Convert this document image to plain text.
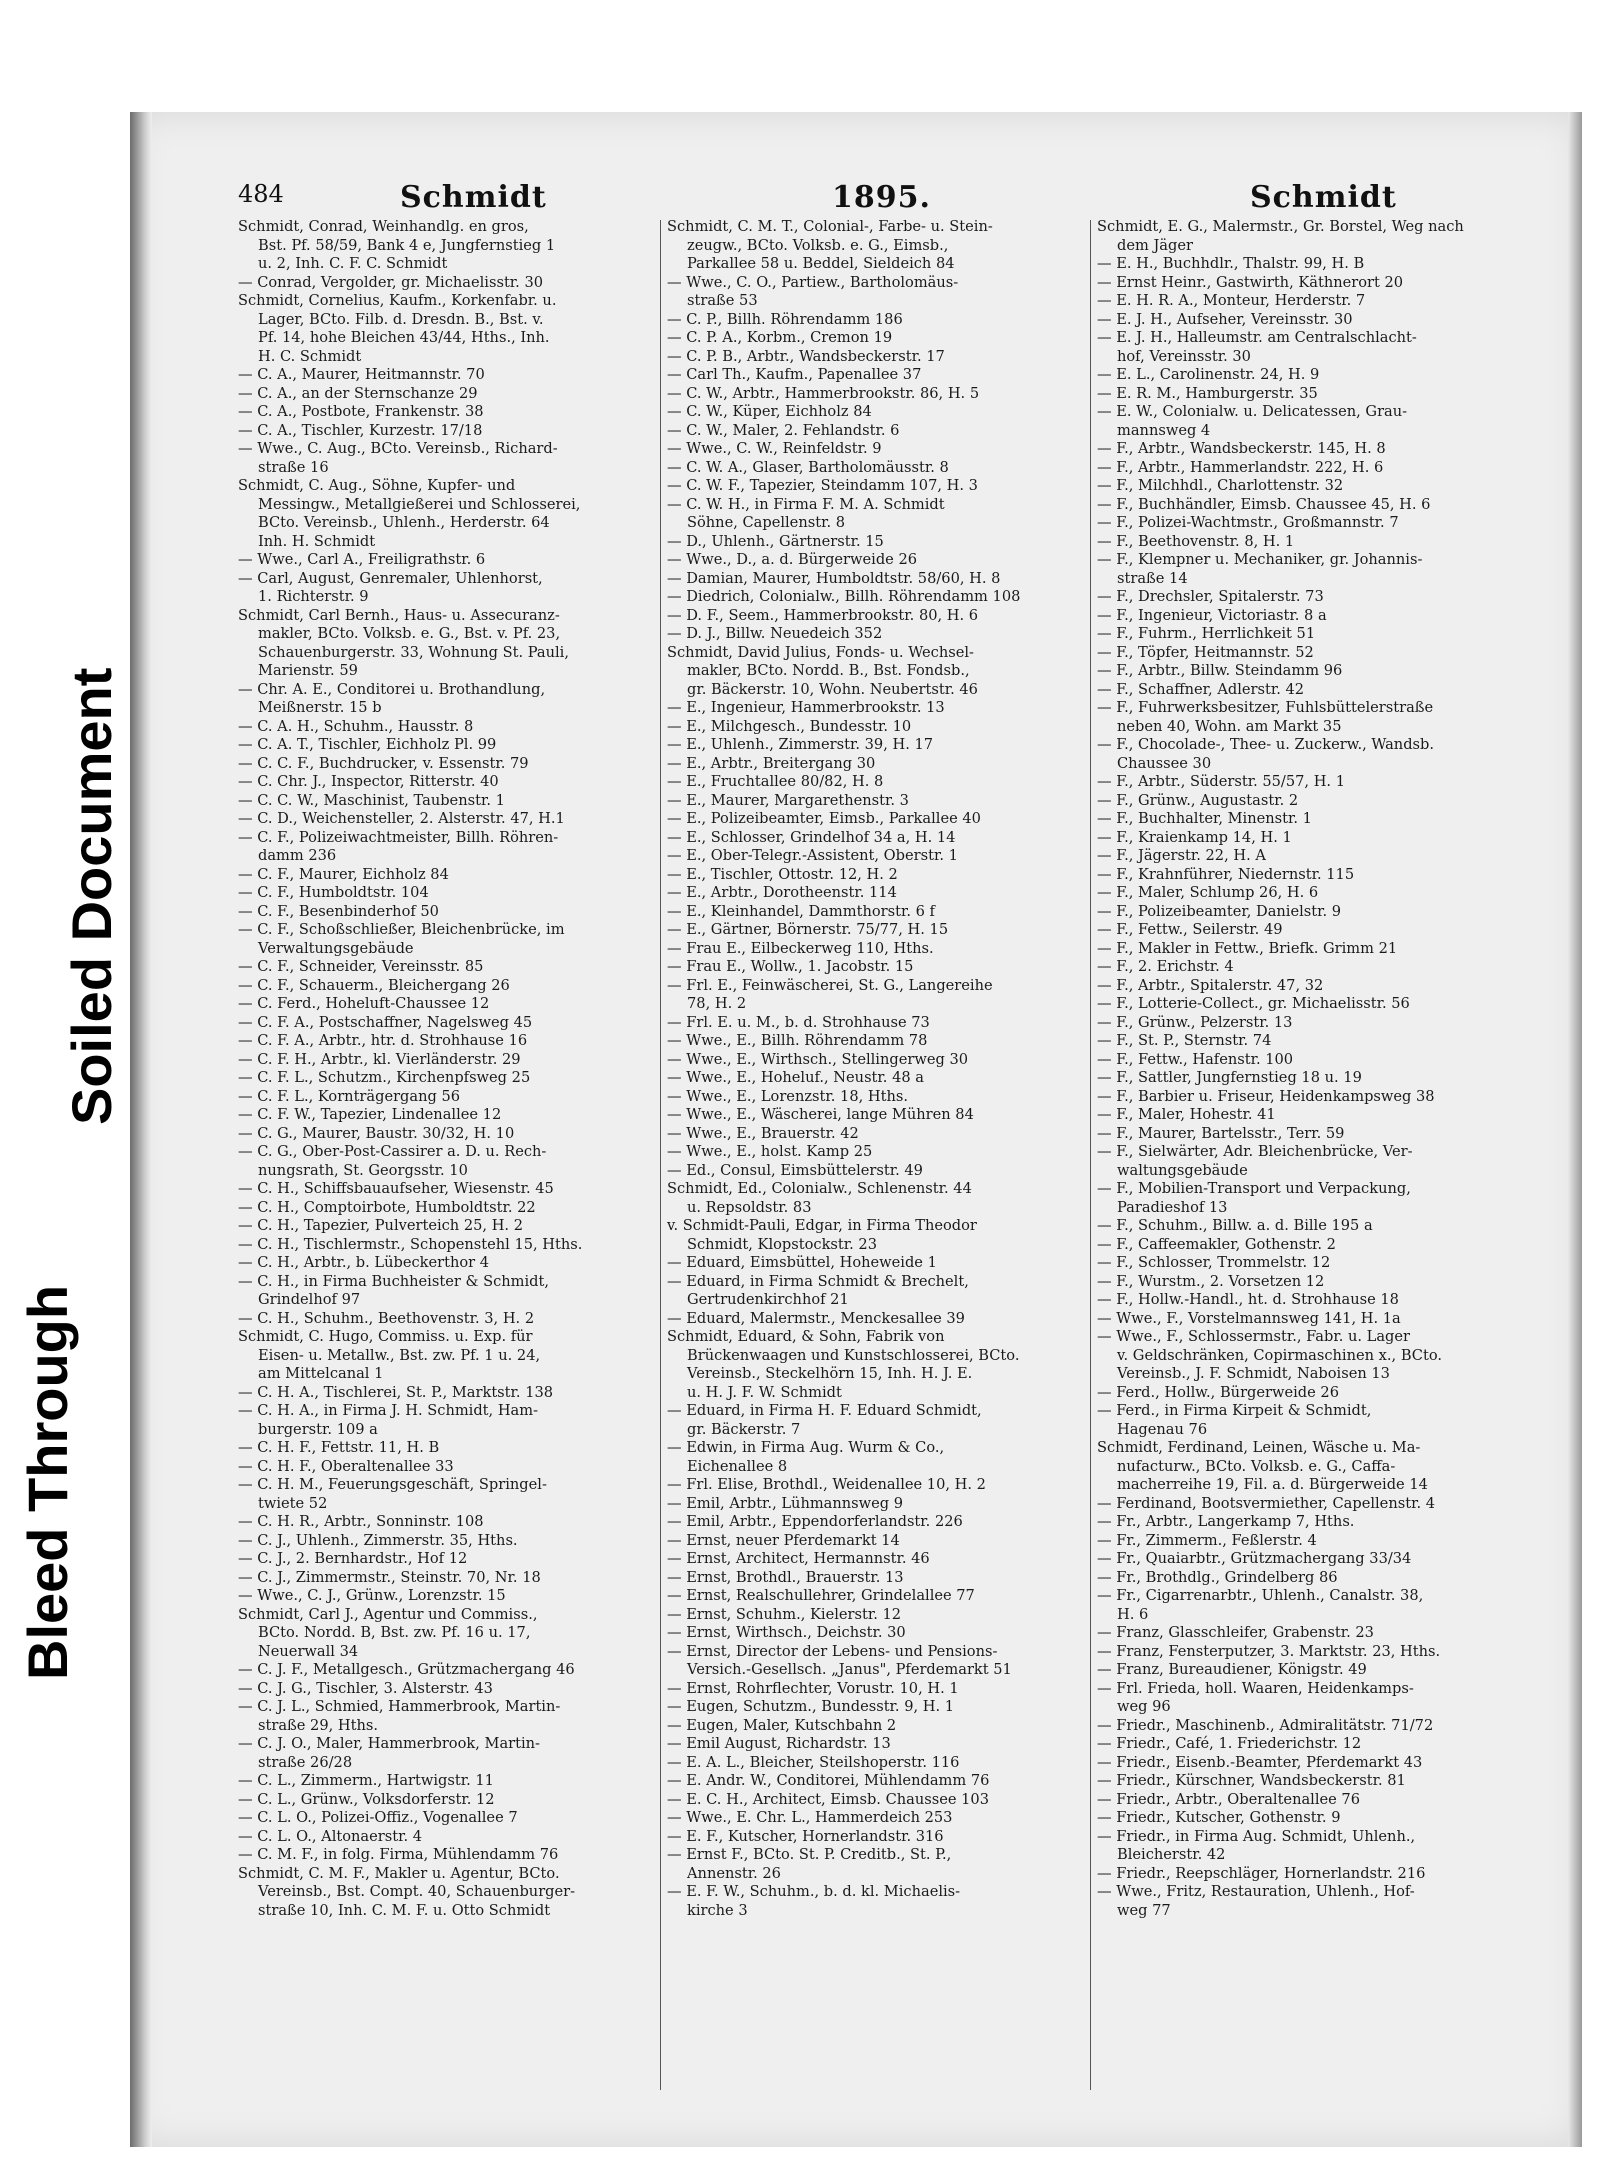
Bleed Through
Soiled Document
484	Schmidt	1895.	Schmidt
Schmidt, Conrad, Weinhandlg. en gros,
Bst. Pf. 58/59, Bank 4 e, Jungfernstieg 1
u. 2, Inh. C. F. C. Schmidt
— Conrad, Vergolder, gr. Michaelisstr. 30
Schmidt, Cornelius, Kaufm., Korkenfabr. u.
Lager, BCto. Filb. d. Dresdn. B., Bst. v.
Pf. 14, hohe Bleichen 43/44, Hths., Inh.
H. C. Schmidt
— C. A., Maurer, Heitmannstr. 70
— C. A., an der Sternschanze 29
— C. A., Postbote, Frankenstr. 38
— C. A., Tischler, Kurzestr. 17/18
— Wwe., C. Aug., BCto. Vereinsb., Richard-
straße 16
Schmidt, C. Aug., Söhne, Kupfer- und
Messingw., Metallgießerei und Schlosserei,
BCto. Vereinsb., Uhlenh., Herderstr. 64
Inh. H. Schmidt
— Wwe., Carl A., Freiligrathstr. 6
— Carl, August, Genremaler, Uhlenhorst,
1. Richterstr. 9
Schmidt, Carl Bernh., Haus- u. Assecuranz-
makler, BCto. Volksb. e. G., Bst. v. Pf. 23,
Schauenburgerstr. 33, Wohnung St. Pauli,
Marienstr. 59
— Chr. A. E., Conditorei u. Brothandlung,
Meißnerstr. 15 b
— C. A. H., Schuhm., Hausstr. 8
— C. A. T., Tischler, Eichholz Pl. 99
— C. C. F., Buchdrucker, v. Essenstr. 79
— C. Chr. J., Inspector, Ritterstr. 40
— C. C. W., Maschinist, Taubenstr. 1
— C. D., Weichensteller, 2. Alsterstr. 47, H.1
— C. F., Polizeiwachtmeister, Billh. Röhren-
damm 236
— C. F., Maurer, Eichholz 84
— C. F., Humboldtstr. 104
— C. F., Besenbinderhof 50
— C. F., Schoßschließer, Bleichenbrücke, im
Verwaltungsgebäude
— C. F., Schneider, Vereinsstr. 85
— C. F., Schauerm., Bleichergang 26
— C. Ferd., Hoheluft-Chaussee 12
— C. F. A., Postschaffner, Nagelsweg 45
— C. F. A., Arbtr., htr. d. Strohhause 16
— C. F. H., Arbtr., kl. Vierländerstr. 29
— C. F. L., Schutzm., Kirchenpfsweg 25
— C. F. L., Kornträgergang 56
— C. F. W., Tapezier, Lindenallee 12
— C. G., Maurer, Baustr. 30/32, H. 10
— C. G., Ober-Post-Cassirer a. D. u. Rech-
nungsrath, St. Georgsstr. 10
— C. H., Schiffsbauaufseher, Wiesenstr. 45
— C. H., Comptoirbote, Humboldtstr. 22
— C. H., Tapezier, Pulverteich 25, H. 2
— C. H., Tischlermstr., Schopenstehl 15, Hths.
— C. H., Arbtr., b. Lübeckerthor 4
— C. H., in Firma Buchheister & Schmidt,
Grindelhof 97
— C. H., Schuhm., Beethovenstr. 3, H. 2
Schmidt, C. Hugo, Commiss. u. Exp. für
Eisen- u. Metallw., Bst. zw. Pf. 1 u. 24,
am Mittelcanal 1
— C. H. A., Tischlerei, St. P., Marktstr. 138
— C. H. A., in Firma J. H. Schmidt, Ham-
burgerstr. 109 a
— C. H. F., Fettstr. 11, H. B
— C. H. F., Oberaltenallee 33
— C. H. M., Feuerungsgeschäft, Springel-
twiete 52
— C. H. R., Arbtr., Sonninstr. 108
— C. J., Uhlenh., Zimmerstr. 35, Hths.
— C. J., 2. Bernhardstr., Hof 12
— C. J., Zimmermstr., Steinstr. 70, Nr. 18
— Wwe., C. J., Grünw., Lorenzstr. 15
Schmidt, Carl J., Agentur und Commiss.,
BCto. Nordd. B, Bst. zw. Pf. 16 u. 17,
Neuerwall 34
— C. J. F., Metallgesch., Grützmachergang 46
— C. J. G., Tischler, 3. Alsterstr. 43
— C. J. L., Schmied, Hammerbrook, Martin-
straße 29, Hths.
— C. J. O., Maler, Hammerbrook, Martin-
straße 26/28
— C. L., Zimmerm., Hartwigstr. 11
— C. L., Grünw., Volksdorferstr. 12
— C. L. O., Polizei-Offiz., Vogenallee 7
— C. L. O., Altonaerstr. 4
— C. M. F., in folg. Firma, Mühlendamm 76
Schmidt, C. M. F., Makler u. Agentur, BCto.
Vereinsb., Bst. Compt. 40, Schauenburger-
straße 10, Inh. C. M. F. u. Otto Schmidt
Schmidt, C. M. T., Colonial-, Farbe- u. Stein-
zeugw., BCto. Volksb. e. G., Eimsb.,
Parkallee 58 u. Beddel, Sieldeich 84
— Wwe., C. O., Partiew., Bartholomäus-
straße 53
— C. P., Billh. Röhrendamm 186
— C. P. A., Korbm., Cremon 19
— C. P. B., Arbtr., Wandsbeckerstr. 17
— Carl Th., Kaufm., Papenallee 37
— C. W., Arbtr., Hammerbrookstr. 86, H. 5
— C. W., Küper, Eichholz 84
— C. W., Maler, 2. Fehlandstr. 6
— Wwe., C. W., Reinfeldstr. 9
— C. W. A., Glaser, Bartholomäusstr. 8
— C. W. F., Tapezier, Steindamm 107, H. 3
— C. W. H., in Firma F. M. A. Schmidt
Söhne, Capellenstr. 8
— D., Uhlenh., Gärtnerstr. 15
— Wwe., D., a. d. Bürgerweide 26
— Damian, Maurer, Humboldtstr. 58/60, H. 8
— Diedrich, Colonialw., Billh. Röhrendamm 108
— D. F., Seem., Hammerbrookstr. 80, H. 6
— D. J., Billw. Neuedeich 352
Schmidt, David Julius, Fonds- u. Wechsel-
makler, BCto. Nordd. B., Bst. Fondsb.,
gr. Bäckerstr. 10, Wohn. Neubertstr. 46
— E., Ingenieur, Hammerbrookstr. 13
— E., Milchgesch., Bundesstr. 10
— E., Uhlenh., Zimmerstr. 39, H. 17
— E., Arbtr., Breitergang 30
— E., Fruchtallee 80/82, H. 8
— E., Maurer, Margarethenstr. 3
— E., Polizeibeamter, Eimsb., Parkallee 40
— E., Schlosser, Grindelhof 34 a, H. 14
— E., Ober-Telegr.-Assistent, Oberstr. 1
— E., Tischler, Ottostr. 12, H. 2
— E., Arbtr., Dorotheenstr. 114
— E., Kleinhandel, Dammthorstr. 6 f
— E., Gärtner, Börnerstr. 75/77, H. 15
— Frau E., Eilbeckerweg 110, Hths.
— Frau E., Wollw., 1. Jacobstr. 15
— Frl. E., Feinwäscherei, St. G., Langereihe
78, H. 2
— Frl. E. u. M., b. d. Strohhause 73
— Wwe., E., Billh. Röhrendamm 78
— Wwe., E., Wirthsch., Stellingerweg 30
— Wwe., E., Hoheluf., Neustr. 48 a
— Wwe., E., Lorenzstr. 18, Hths.
— Wwe., E., Wäscherei, lange Mühren 84
— Wwe., E., Brauerstr. 42
— Wwe., E., holst. Kamp 25
— Ed., Consul, Eimsbüttelerstr. 49
Schmidt, Ed., Colonialw., Schlenenstr. 44
u. Repsoldstr. 83
v. Schmidt-Pauli, Edgar, in Firma Theodor
Schmidt, Klopstockstr. 23
— Eduard, Eimsbüttel, Hoheweide 1
— Eduard, in Firma Schmidt & Brechelt,
Gertrudenkirchhof 21
— Eduard, Malermstr., Menckesallee 39
Schmidt, Eduard, & Sohn, Fabrik von
Brückenwaagen und Kunstschlosserei, BCto.
Vereinsb., Steckelhörn 15, Inh. H. J. E.
u. H. J. F. W. Schmidt
— Eduard, in Firma H. F. Eduard Schmidt,
gr. Bäckerstr. 7
— Edwin, in Firma Aug. Wurm & Co.,
Eichenallee 8
— Frl. Elise, Brothdl., Weidenallee 10, H. 2
— Emil, Arbtr., Lühmannsweg 9
— Emil, Arbtr., Eppendorferlandstr. 226
— Ernst, neuer Pferdemarkt 14
— Ernst, Architect, Hermannstr. 46
— Ernst, Brothdl., Brauerstr. 13
— Ernst, Realschullehrer, Grindelallee 77
— Ernst, Schuhm., Kielerstr. 12
— Ernst, Wirthsch., Deichstr. 30
— Ernst, Director der Lebens- und Pensions-
Versich.-Gesellsch. „Janus", Pferdemarkt 51
— Ernst, Rohrflechter, Vorustr. 10, H. 1
— Eugen, Schutzm., Bundesstr. 9, H. 1
— Eugen, Maler, Kutschbahn 2
— Emil August, Richardstr. 13
— E. A. L., Bleicher, Steilshoperstr. 116
— E. Andr. W., Conditorei, Mühlendamm 76
— E. C. H., Architect, Eimsb. Chaussee 103
— Wwe., E. Chr. L., Hammerdeich 253
— E. F., Kutscher, Hornerlandstr. 316
— Ernst F., BCto. St. P. Creditb., St. P.,
Annenstr. 26
— E. F. W., Schuhm., b. d. kl. Michaelis-
kirche 3
Schmidt, E. G., Malermstr., Gr. Borstel, Weg nach
dem Jäger
— E. H., Buchhdlr., Thalstr. 99, H. B
— Ernst Heinr., Gastwirth, Käthnerort 20
— E. H. R. A., Monteur, Herderstr. 7
— E. J. H., Aufseher, Vereinsstr. 30
— E. J. H., Halleumstr. am Centralschlacht-
hof, Vereinsstr. 30
— E. L., Carolinenstr. 24, H. 9
— E. R. M., Hamburgerstr. 35
— E. W., Colonialw. u. Delicatessen, Grau-
mannsweg 4
— F., Arbtr., Wandsbeckerstr. 145, H. 8
— F., Arbtr., Hammerlandstr. 222, H. 6
— F., Milchhdl., Charlottenstr. 32
— F., Buchhändler, Eimsb. Chaussee 45, H. 6
— F., Polizei-Wachtmstr., Großmannstr. 7
— F., Beethovenstr. 8, H. 1
— F., Klempner u. Mechaniker, gr. Johannis-
straße 14
— F., Drechsler, Spitalerstr. 73
— F., Ingenieur, Victoriastr. 8 a
— F., Fuhrm., Herrlichkeit 51
— F., Töpfer, Heitmannstr. 52
— F., Arbtr., Billw. Steindamm 96
— F., Schaffner, Adlerstr. 42
— F., Fuhrwerksbesitzer, Fuhlsbüttelerstraße
neben 40, Wohn. am Markt 35
— F., Chocolade-, Thee- u. Zuckerw., Wandsb.
Chaussee 30
— F., Arbtr., Süderstr. 55/57, H. 1
— F., Grünw., Augustastr. 2
— F., Buchhalter, Minenstr. 1
— F., Kraienkamp 14, H. 1
— F., Jägerstr. 22, H. A
— F., Krahnführer, Niedernstr. 115
— F., Maler, Schlump 26, H. 6
— F., Polizeibeamter, Danielstr. 9
— F., Fettw., Seilerstr. 49
— F., Makler in Fettw., Briefk. Grimm 21
— F., 2. Erichstr. 4
— F., Arbtr., Spitalerstr. 47, 32
— F., Lotterie-Collect., gr. Michaelisstr. 56
— F., Grünw., Pelzerstr. 13
— F., St. P., Sternstr. 74
— F., Fettw., Hafenstr. 100
— F., Sattler, Jungfernstieg 18 u. 19
— F., Barbier u. Friseur, Heidenkampsweg 38
— F., Maler, Hohestr. 41
— F., Maurer, Bartelsstr., Terr. 59
— F., Sielwärter, Adr. Bleichenbrücke, Ver-
waltungsgebäude
— F., Mobilien-Transport und Verpackung,
Paradieshof 13
— F., Schuhm., Billw. a. d. Bille 195 a
— F., Caffeemakler, Gothenstr. 2
— F., Schlosser, Trommelstr. 12
— F., Wurstm., 2. Vorsetzen 12
— F., Hollw.-Handl., ht. d. Strohhause 18
— Wwe., F., Vorstelmannsweg 141, H. 1a
— Wwe., F., Schlossermstr., Fabr. u. Lager
v. Geldschränken, Copirmaschinen x., BCto.
Vereinsb., J. F. Schmidt, Naboisen 13
— Ferd., Hollw., Bürgerweide 26
— Ferd., in Firma Kirpeit & Schmidt,
Hagenau 76
Schmidt, Ferdinand, Leinen, Wäsche u. Ma-
nufacturw., BCto. Volksb. e. G., Caffa-
macherreihe 19, Fil. a. d. Bürgerweide 14
— Ferdinand, Bootsvermiether, Capellenstr. 4
— Fr., Arbtr., Langerkamp 7, Hths.
— Fr., Zimmerm., Feßlerstr. 4
— Fr., Quaiarbtr., Grützmachergang 33/34
— Fr., Brothdlg., Grindelberg 86
— Fr., Cigarrenarbtr., Uhlenh., Canalstr. 38,
H. 6
— Franz, Glasschleifer, Grabenstr. 23
— Franz, Fensterputzer, 3. Marktstr. 23, Hths.
— Franz, Bureaudiener, Königstr. 49
— Frl. Frieda, holl. Waaren, Heidenkamps-
weg 96
— Friedr., Maschinenb., Admiralitätstr. 71/72
— Friedr., Café, 1. Friederichstr. 12
— Friedr., Eisenb.-Beamter, Pferdemarkt 43
— Friedr., Kürschner, Wandsbeckerstr. 81
— Friedr., Arbtr., Oberaltenallee 76
— Friedr., Kutscher, Gothenstr. 9
— Friedr., in Firma Aug. Schmidt, Uhlenh.,
Bleicherstr. 42
— Friedr., Reepschläger, Hornerlandstr. 216
— Wwe., Fritz, Restauration, Uhlenh., Hof-
weg 77
